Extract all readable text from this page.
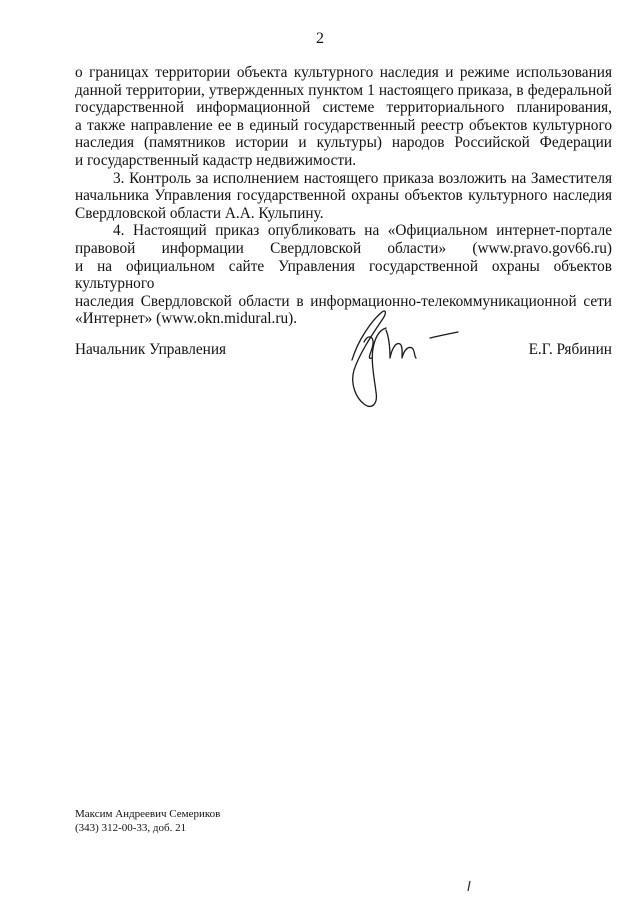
2
о границах территории объекта культурного наследия и режиме использования
данной территории, утвержденных пунктом 1 настоящего приказа, в федеральной
государственной информационной системе территориального планирования,
а также направление ее в единый государственный реестр объектов культурного
наследия (памятников истории и культуры) народов Российской Федерации
и государственный кадастр недвижимости.
3. Контроль за исполнением настоящего приказа возложить на Заместителя
начальника Управления государственной охраны объектов культурного наследия
Свердловской области А.А. Кульпину.
4. Настоящий приказ опубликовать на «Официальном интернет-портале
правовой информации Свердловской области» (www.pravo.gov66.ru)
и на официальном сайте Управления государственной охраны объектов культурного
наследия Свердловской области в информационно-телекоммуникационной сети
«Интернет» (www.okn.midural.ru).
Начальник Управления	Е.Г. Рябинин
Максим Андреевич Семериков
(343) 312-00-33, доб. 21
